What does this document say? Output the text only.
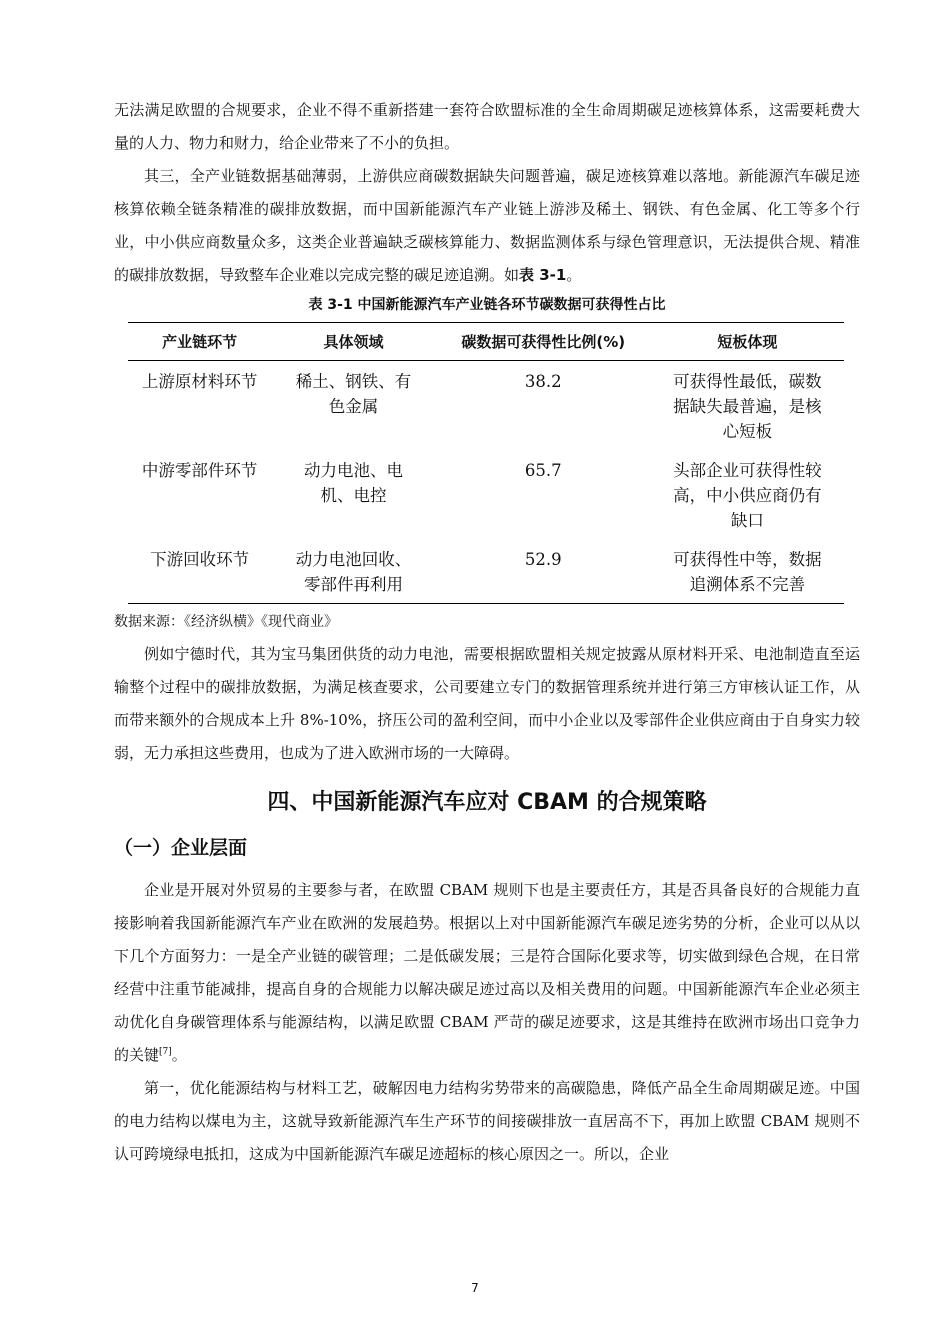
无法满足欧盟的合规要求，企业不得不重新搭建一套符合欧盟标准的全生命周期碳足迹核算体系，这需要耗费大量的人力、物力和财力，给企业带来了不小的负担。

其三，全产业链数据基础薄弱，上游供应商碳数据缺失问题普遍，碳足迹核算难以落地。新能源汽车碳足迹核算依赖全链条精准的碳排放数据，而中国新能源汽车产业链上游涉及稀土、钢铁、有色金属、化工等多个行业，中小供应商数量众多，这类企业普遍缺乏碳核算能力、数据监测体系与绿色管理意识，无法提供合规、精准的碳排放数据，导致整车企业难以完成完整的碳足迹追溯。如表 3-1。

表 3-1 中国新能源汽车产业链各环节碳数据可获得性占比
产业链环节	具体领域	碳数据可获得性比例(%)	短板体现
上游原材料环节	稀土、钢铁、有色金属	38.2	可获得性最低，碳数据缺失最普遍，是核心短板
中游零部件环节	动力电池、电机、电控	65.7	头部企业可获得性较高，中小供应商仍有缺口
下游回收环节	动力电池回收、零部件再利用	52.9	可获得性中等，数据追溯体系不完善
数据来源：《经济纵横》《现代商业》

例如宁德时代，其为宝马集团供货的动力电池，需要根据欧盟相关规定披露从原材料开采、电池制造直至运输整个过程中的碳排放数据，为满足核查要求，公司要建立专门的数据管理系统并进行第三方审核认证工作，从而带来额外的合规成本上升 8%-10%，挤压公司的盈利空间，而中小企业以及零部件企业供应商由于自身实力较弱，无力承担这些费用，也成为了进入欧洲市场的一大障碍。

四、中国新能源汽车应对 CBAM 的合规策略
（一）企业层面

企业是开展对外贸易的主要参与者，在欧盟 CBAM 规则下也是主要责任方，其是否具备良好的合规能力直接影响着我国新能源汽车产业在欧洲的发展趋势。根据以上对中国新能源汽车碳足迹劣势的分析，企业可以从以下几个方面努力：一是全产业链的碳管理；二是低碳发展；三是符合国际化要求等，切实做到绿色合规，在日常经营中注重节能减排，提高自身的合规能力以解决碳足迹过高以及相关费用的问题。中国新能源汽车企业必须主动优化自身碳管理体系与能源结构，以满足欧盟 CBAM 严苛的碳足迹要求，这是其维持在欧洲市场出口竞争力的关键[7]。

第一，优化能源结构与材料工艺，破解因电力结构劣势带来的高碳隐患，降低产品全生命周期碳足迹。中国的电力结构以煤电为主，这就导致新能源汽车生产环节的间接碳排放一直居高不下，再加上欧盟 CBAM 规则不认可跨境绿电抵扣，这成为中国新能源汽车碳足迹超标的核心原因之一。所以，企业

7
